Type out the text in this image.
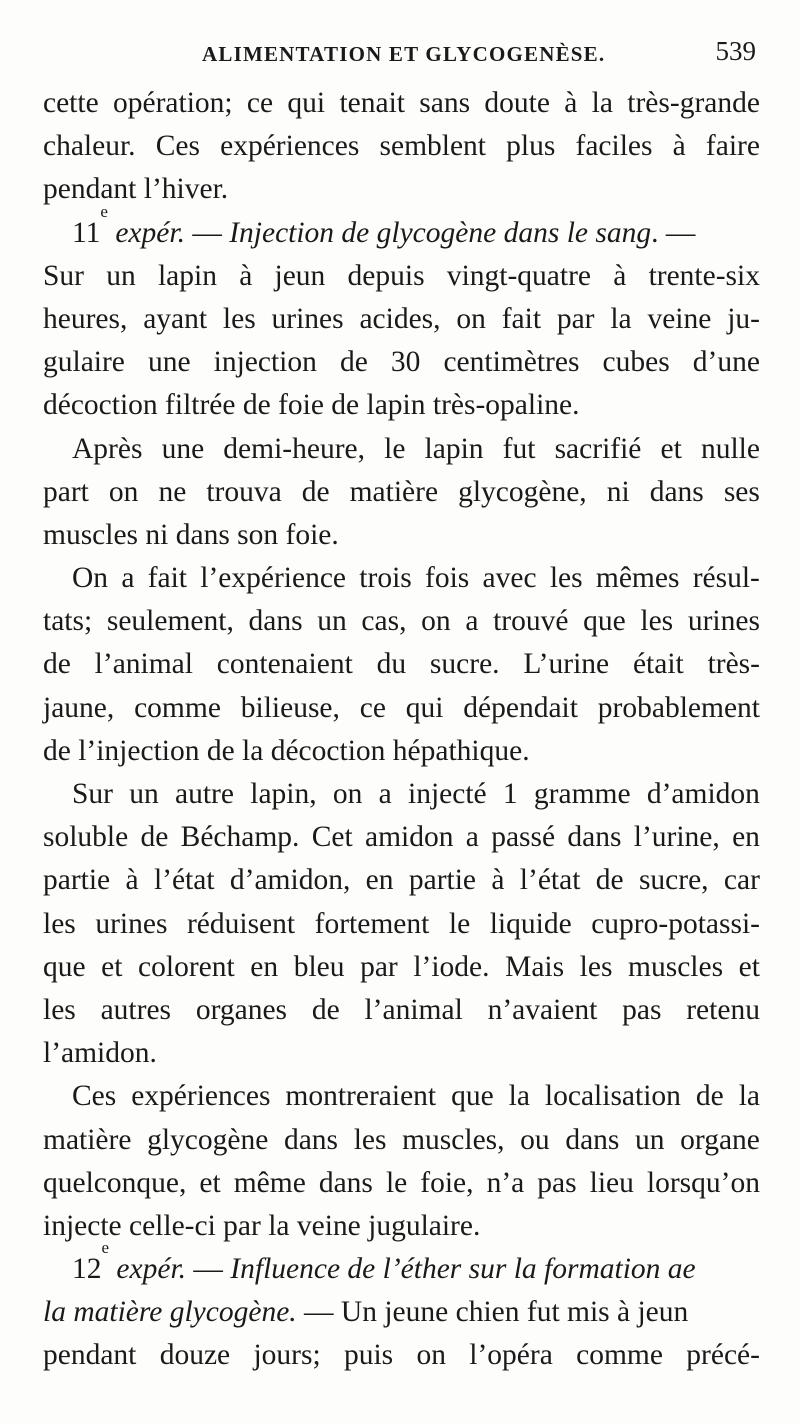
ALIMENTATION ET GLYCOGENÈSE.	539
cette opération; ce qui tenait sans doute à la très-grande
chaleur. Ces expériences semblent plus faciles à faire
pendant l’hiver.
11
e

expér. — Injection de glycogène dans le sang . —
Sur un lapin à jeun depuis vingt-quatre à trente-six
heures, ayant les urines acides, on fait par la veine ju-
gulaire une injection de 30 centimètres cubes d’une
décoction filtrée de foie de lapin très-opaline.
Après une demi-heure, le lapin fut sacrifié et nulle
part on ne trouva de matière glycogène, ni dans ses
muscles ni dans son foie.
On a fait l’expérience trois fois avec les mêmes résul-
tats; seulement, dans un cas, on a trouvé que les urines
de l’animal contenaient du sucre. L’urine était très-
jaune, comme bilieuse, ce qui dépendait probablement
de l’injection de la décoction hépathique.
Sur un autre lapin, on a injecté 1 gramme d’amidon
soluble de Béchamp. Cet amidon a passé dans l’urine, en
partie à l’état d’amidon, en partie à l’état de sucre, car
les urines réduisent fortement le liquide cupro-potassi-
que et colorent en bleu par l’iode. Mais les muscles et
les autres organes de l’animal n’avaient pas retenu
l’amidon.
Ces expériences montreraient que la localisation de la
matière glycogène dans les muscles, ou dans un organe
quelconque, et même dans le foie, n’a pas lieu lorsqu’on
injecte celle-ci par la veine jugulaire.
12
e

expér. — Influence de l’éther sur la formation ae
la matière glycogène. — Un jeune chien fut mis à jeun
pendant douze jours; puis on l’opéra comme précé-
